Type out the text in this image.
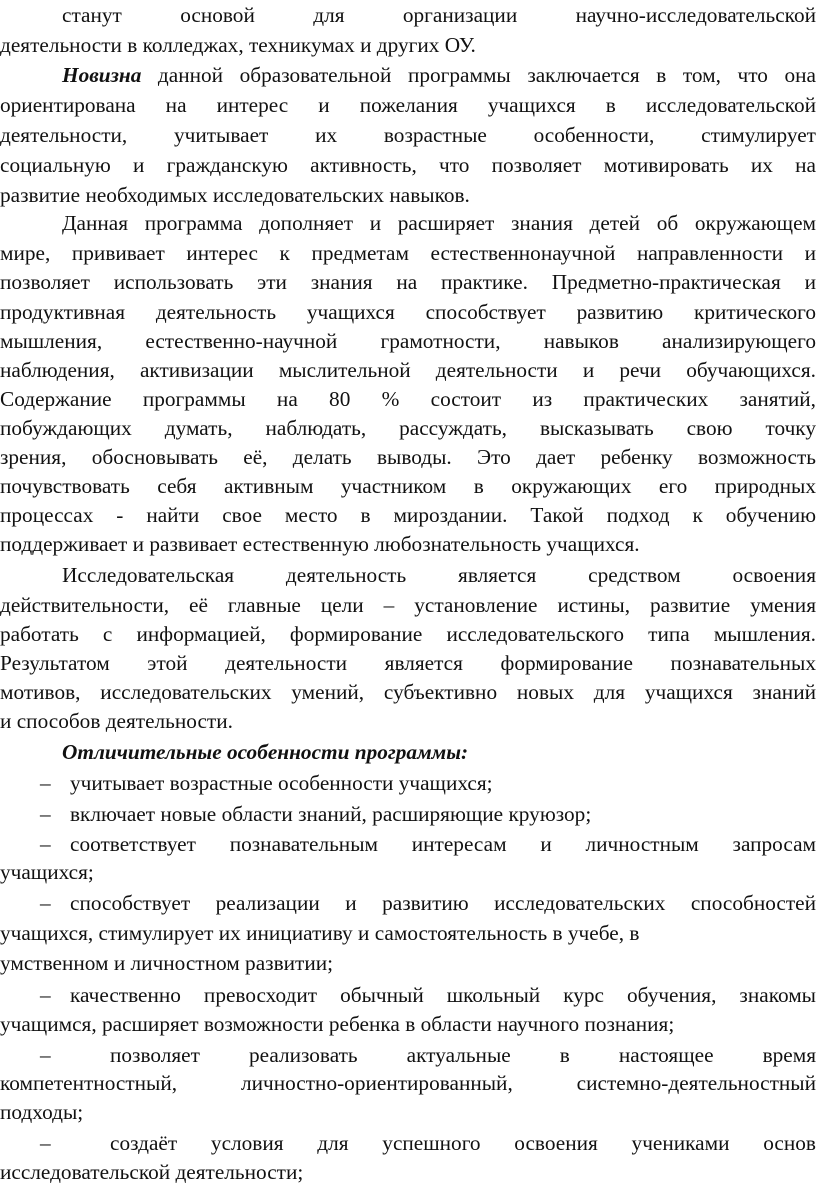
станут основой для организации научно-исследовательской
деятельности в колледжах, техникумах и других ОУ.
Новизна данной образовательной программы заключается в том, что она
ориентирована на интерес и пожелания учащихся в исследовательской
деятельности, учитывает их возрастные особенности, стимулирует
социальную и гражданскую активность, что позволяет мотивировать их на
развитие необходимых исследовательских навыков.
Данная программа дополняет и расширяет знания детей об окружающем
мире, прививает интерес к предметам естественнонаучной направленности и
позволяет использовать эти знания на практике. Предметно-практическая и
продуктивная деятельность учащихся способствует развитию критического
мышления, естественно-научной грамотности, навыков анализирующего
наблюдения, активизации мыслительной деятельности и речи обучающихся.
Содержание программы на 80 % состоит из практических занятий,
побуждающих думать, наблюдать, рассуждать, высказывать свою точку
зрения, обосновывать её, делать выводы. Это дает ребенку возможность
почувствовать себя активным участником в окружающих его природных
процессах - найти свое место в мироздании. Такой подход к обучению
поддерживает и развивает естественную любознательность учащихся.
Исследовательская деятельность является средством освоения
действительности, её главные цели – установление истины, развитие умения
работать с информацией, формирование исследовательского типа мышления.
Результатом этой деятельности является формирование познавательных
мотивов, исследовательских умений, субъективно новых для учащихся знаний
и способов деятельности.
Отличительные особенности программы:
– учитывает возрастные особенности учащихся;
– включает новые области знаний, расширяющие круюзор;
– соответствует познавательным интересам и личностным запросам
учащихся;
– способствует реализации и развитию исследовательских способностей
учащихся, стимулирует их инициативу и самостоятельность в учебе, в
умственном и личностном развитии;
– качественно превосходит обычный школьный курс обучения, знакомы
учащимся, расширяет возможности ребенка в области научного познания;
–	позволяет реализовать актуальные в настоящее время
компетентностный, личностно-ориентированный, системно-деятельностный
подходы;
–	создаёт условия для успешного освоения учениками основ
исследовательской деятельности;
